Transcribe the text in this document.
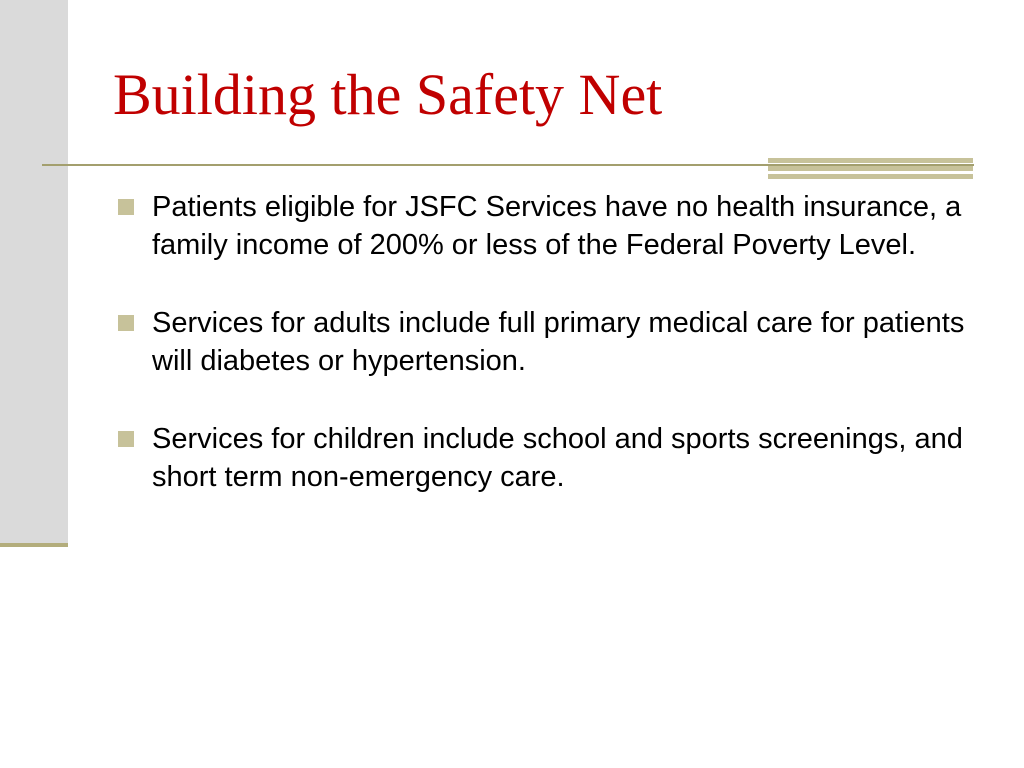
Building the Safety Net
Patients eligible for JSFC Services have no health insurance, a family income of 200% or less of the Federal Poverty Level.
Services for adults include full primary medical care for patients will diabetes or hypertension.
Services for children include school and sports screenings, and short term non-emergency care.
